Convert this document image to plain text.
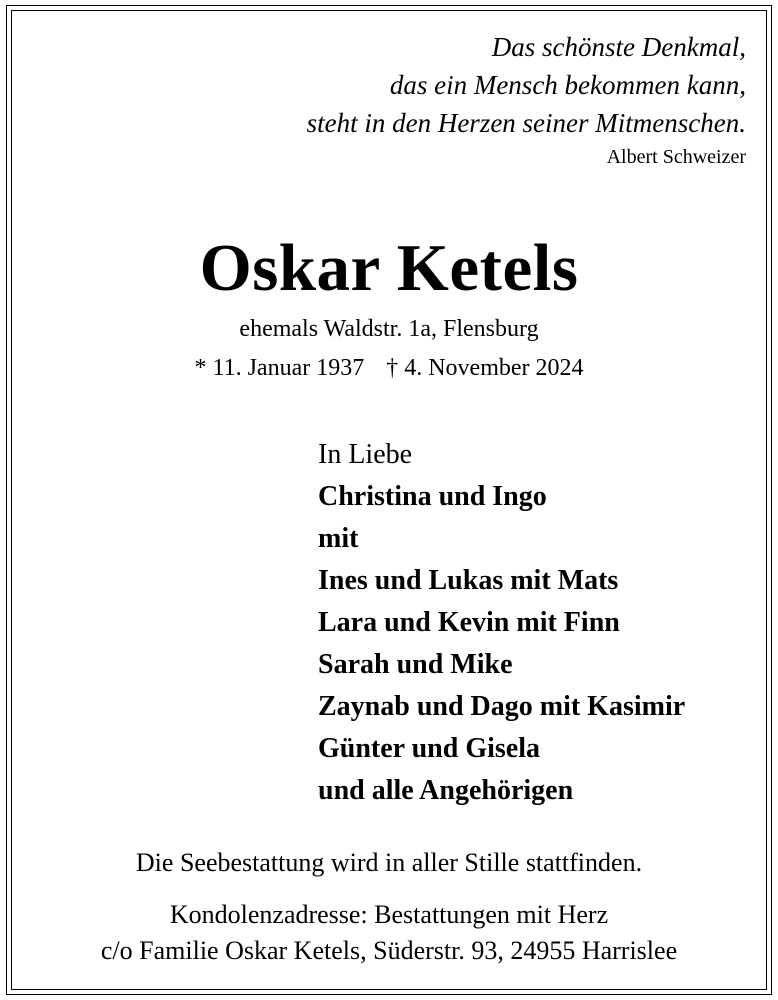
Das schönste Denkmal,
das ein Mensch bekommen kann,
steht in den Herzen seiner Mitmenschen.
Albert Schweizer
Oskar Ketels
ehemals Waldstr. 1a, Flensburg
* 11. Januar 1937 † 4. November 2024
In Liebe
Christina und Ingo
mit
Ines und Lukas mit Mats
Lara und Kevin mit Finn
Sarah und Mike
Zaynab und Dago mit Kasimir
Günter und Gisela
und alle Angehörigen
Die Seebestattung wird in aller Stille stattfinden.
Kondolenzadresse: Bestattungen mit Herz
c/o Familie Oskar Ketels, Süderstr. 93, 24955 Harrislee
